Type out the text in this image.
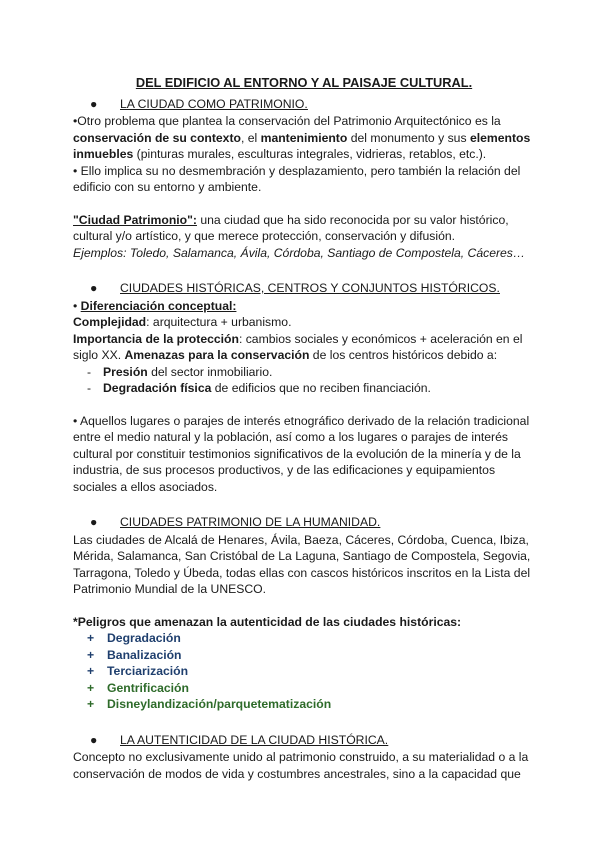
DEL EDIFICIO AL ENTORNO Y AL PAISAJE CULTURAL.

● LA CIUDAD COMO PATRIMONIO.

•Otro problema que plantea la conservación del Patrimonio Arquitectónico es la conservación de su contexto, el mantenimiento del monumento y sus elementos inmuebles (pinturas murales, esculturas integrales, vidrieras, retablos, etc.).

• Ello implica su no desmembración y desplazamiento, pero también la relación del edificio con su entorno y ambiente.

"Ciudad Patrimonio": una ciudad que ha sido reconocida por su valor histórico, cultural y/o artístico, y que merece protección, conservación y difusión.

Ejemplos: Toledo, Salamanca, Ávila, Córdoba, Santiago de Compostela, Cáceres…

● CIUDADES HISTÓRICAS, CENTROS Y CONJUNTOS HISTÓRICOS.

• Diferenciación conceptual:

Complejidad: arquitectura + urbanismo.

Importancia de la protección: cambios sociales y económicos + aceleración en el siglo XX. Amenazas para la conservación de los centros históricos debido a:

- Presión del sector inmobiliario.
- Degradación física de edificios que no reciben financiación.

• Aquellos lugares o parajes de interés etnográfico derivado de la relación tradicional entre el medio natural y la población, así como a los lugares o parajes de interés cultural por constituir testimonios significativos de la evolución de la minería y de la industria, de sus procesos productivos, y de las edificaciones y equipamientos sociales a ellos asociados.

● CIUDADES PATRIMONIO DE LA HUMANIDAD.

Las ciudades de Alcalá de Henares, Ávila, Baeza, Cáceres, Córdoba, Cuenca, Ibiza, Mérida, Salamanca, San Cristóbal de La Laguna, Santiago de Compostela, Segovia, Tarragona, Toledo y Úbeda, todas ellas con cascos históricos inscritos en la Lista del Patrimonio Mundial de la UNESCO.

*Peligros que amenazan la autenticidad de las ciudades históricas:

+ Degradación
+ Banalización
+ Terciarización
+ Gentrificación
+ Disneylandización/parquetematización

● LA AUTENTICIDAD DE LA CIUDAD HISTÓRICA.

Concepto no exclusivamente unido al patrimonio construido, a su materialidad o a la conservación de modos de vida y costumbres ancestrales, sino a la capacidad que
